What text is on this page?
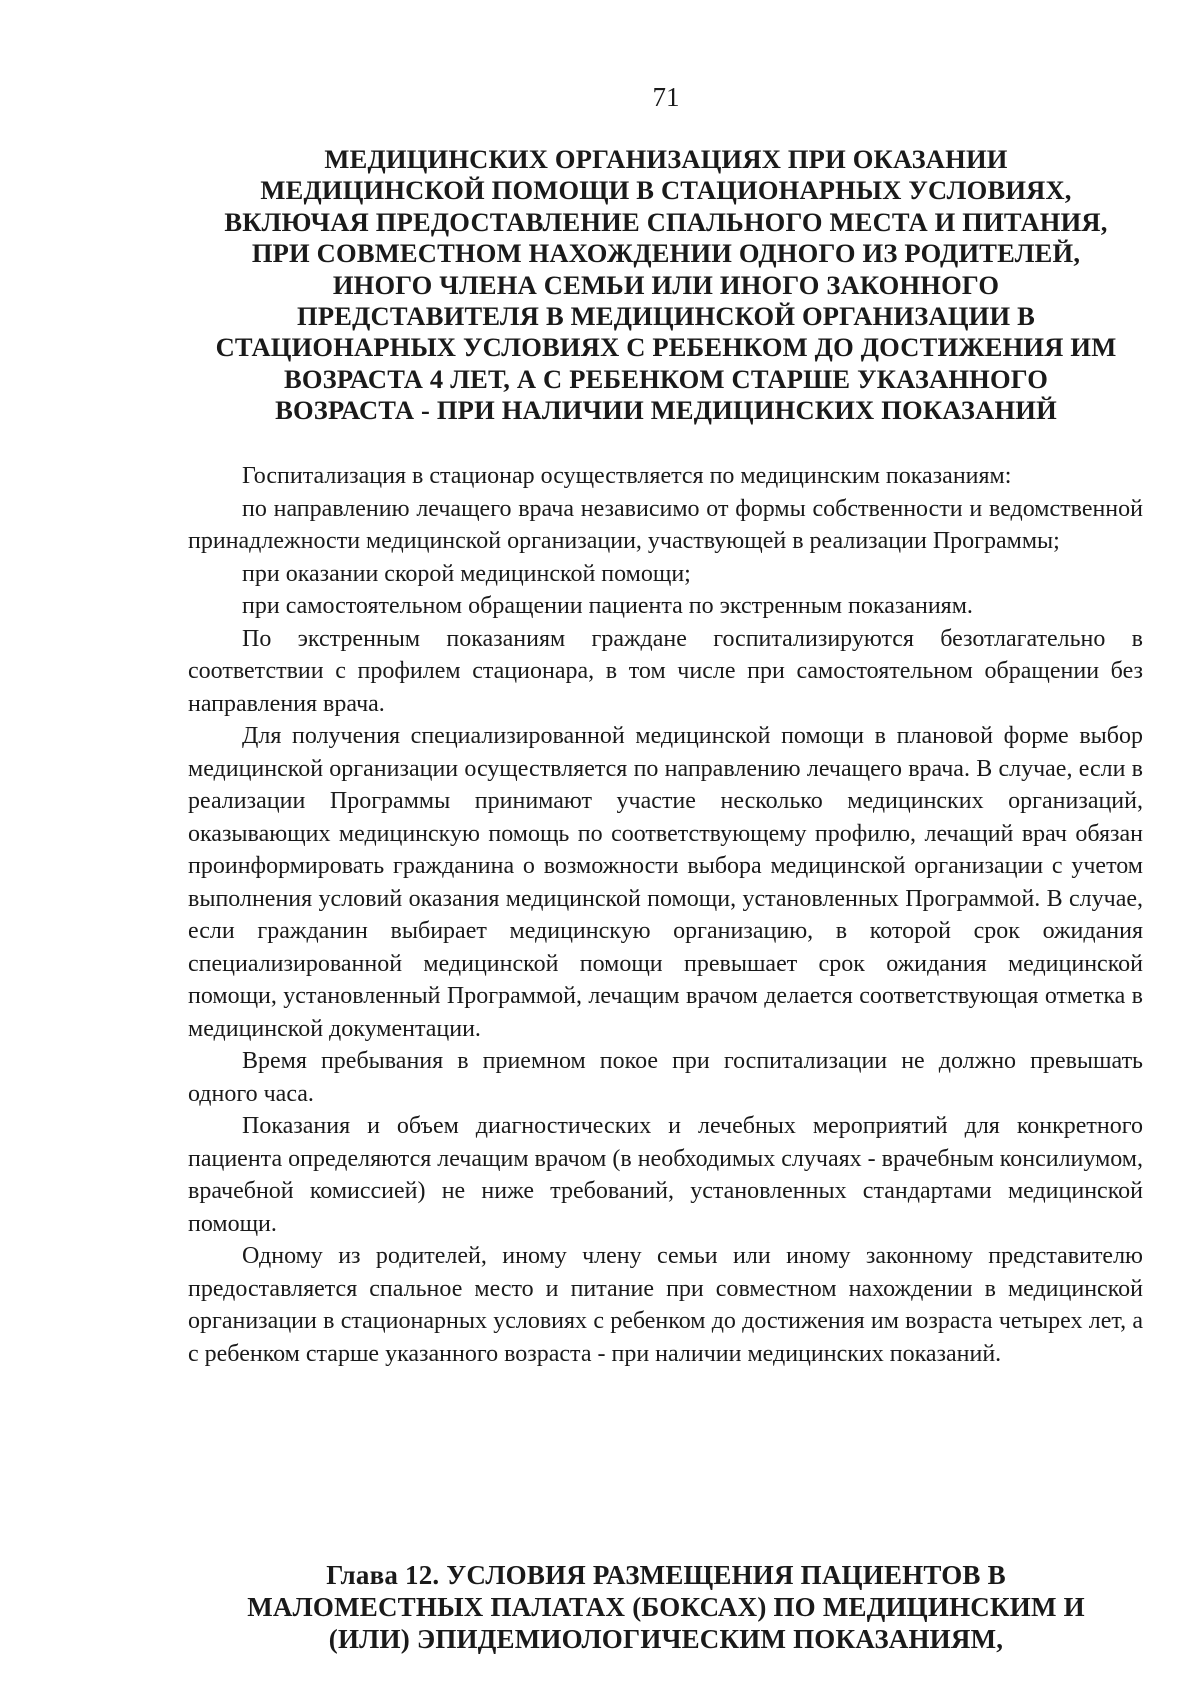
71
МЕДИЦИНСКИХ ОРГАНИЗАЦИЯХ ПРИ ОКАЗАНИИ
МЕДИЦИНСКОЙ ПОМОЩИ В СТАЦИОНАРНЫХ УСЛОВИЯХ,
ВКЛЮЧАЯ ПРЕДОСТАВЛЕНИЕ СПАЛЬНОГО МЕСТА И ПИТАНИЯ,
ПРИ СОВМЕСТНОМ НАХОЖДЕНИИ ОДНОГО ИЗ РОДИТЕЛЕЙ,
ИНОГО ЧЛЕНА СЕМЬИ ИЛИ ИНОГО ЗАКОННОГО
ПРЕДСТАВИТЕЛЯ В МЕДИЦИНСКОЙ ОРГАНИЗАЦИИ В
СТАЦИОНАРНЫХ УСЛОВИЯХ С РЕБЕНКОМ ДО ДОСТИЖЕНИЯ ИМ
ВОЗРАСТА 4 ЛЕТ, А С РЕБЕНКОМ СТАРШЕ УКАЗАННОГО
ВОЗРАСТА - ПРИ НАЛИЧИИ МЕДИЦИНСКИХ ПОКАЗАНИЙ

Госпитализация в стационар осуществляется по медицинским показаниям:

по направлению лечащего врача независимо от формы собственности и ведомственной принадлежности медицинской организации, участвующей в реализации Программы;

при оказании скорой медицинской помощи;

при самостоятельном обращении пациента по экстренным показаниям.

По экстренным показаниям граждане госпитализируются безотлагательно в соответствии с профилем стационара, в том числе при самостоятельном обращении без направления врача.

Для получения специализированной медицинской помощи в плановой форме выбор медицинской организации осуществляется по направлению лечащего врача. В случае, если в реализации Программы принимают участие несколько медицинских организаций, оказывающих медицинскую помощь по соответствующему профилю, лечащий врач обязан проинформировать гражданина о возможности выбора медицинской организации с учетом выполнения условий оказания медицинской помощи, установленных Программой. В случае, если гражданин выбирает медицинскую организацию, в которой срок ожидания специализированной медицинской помощи превышает срок ожидания медицинской помощи, установленный Программой, лечащим врачом делается соответствующая отметка в медицинской документации.

Время пребывания в приемном покое при госпитализации не должно превышать одного часа.

Показания и объем диагностических и лечебных мероприятий для конкретного пациента определяются лечащим врачом (в необходимых случаях - врачебным консилиумом, врачебной комиссией) не ниже требований, установленных стандартами медицинской помощи.

Одному из родителей, иному члену семьи или иному законному представителю предоставляется спальное место и питание при совместном нахождении в медицинской организации в стационарных условиях с ребенком до достижения им возраста четырех лет, а с ребенком старше указанного возраста - при наличии медицинских показаний.

Глава 12. УСЛОВИЯ РАЗМЕЩЕНИЯ ПАЦИЕНТОВ В
МАЛОМЕСТНЫХ ПАЛАТАХ (БОКСАХ) ПО МЕДИЦИНСКИМ И
(ИЛИ) ЭПИДЕМИОЛОГИЧЕСКИМ ПОКАЗАНИЯМ,
